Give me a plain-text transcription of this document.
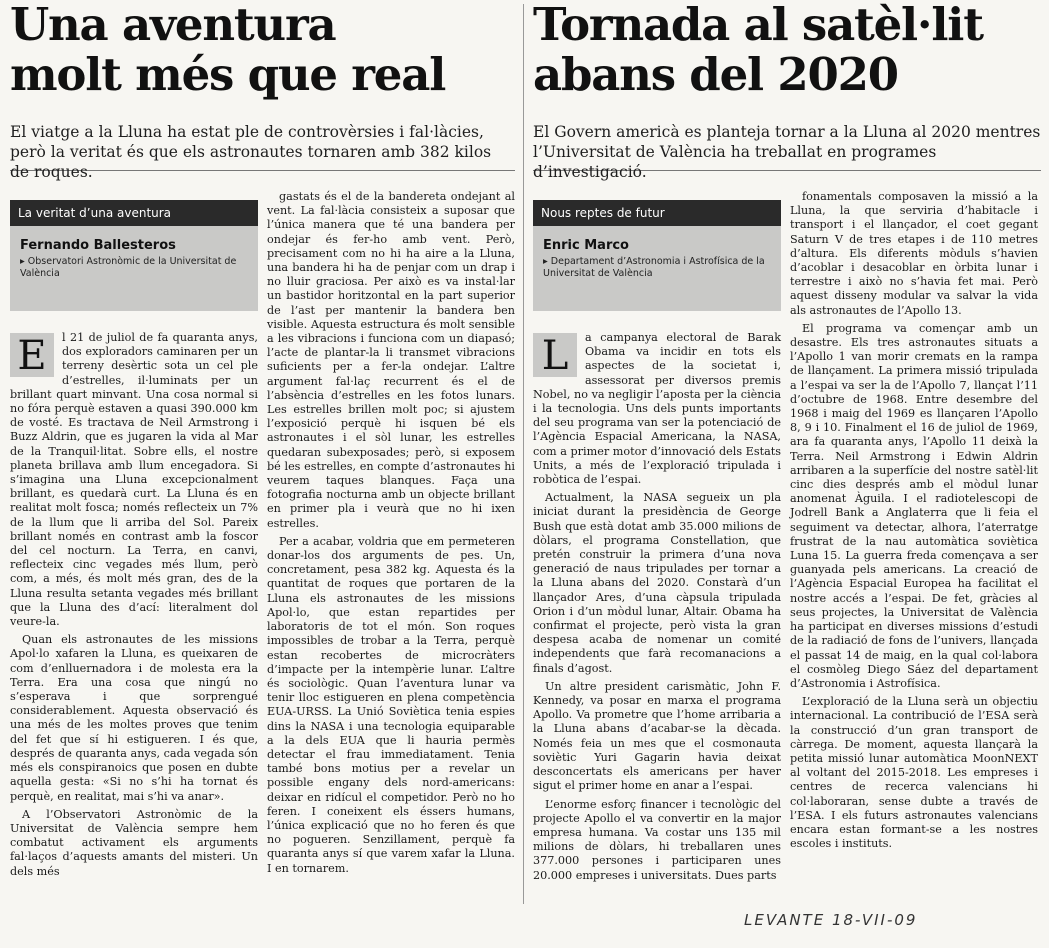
Una aventura
molt més que real
El viatge a la Lluna ha estat ple de controvèrsies i fal·làcies, però la veritat és que els astronautes tornaren amb 382 kilos de roques.
La veritat d’una aventura
Fernando Ballesteros
▸ Observatori Astronòmic de la Universitat de València

E	l 21 de juliol de fa quaranta anys, dos exploradors caminaren per un terreny desèrtic sota un cel ple d’estrelles, il·luminats per un brillant quart minvant. Una cosa normal si no fóra perquè estaven a quasi 390.000 km de vosté. Es tractava de Neil Armstrong i Buzz Aldrin, que es jugaren la vida al Mar de la Tranquil·litat. Sobre ells, el nostre planeta brillava amb llum encegadora. Si s’imagina una Lluna excepcionalment brillant, es quedarà curt. La Lluna és en realitat molt fosca; només reflecteix un 7% de la llum que li arriba del Sol. Pareix brillant només en contrast amb la foscor del cel nocturn. La Terra, en canvi, reflecteix cinc vegades més llum, però com, a més, és molt més gran, des de la Lluna resulta setanta vegades més brillant que la Lluna des d’ací: literalment dol veure-la.

Quan els astronautes de les missions Apol·lo xafaren la Lluna, es queixaren de com d’enlluernadora i de molesta era la Terra. Era una cosa que ningú no s’esperava i que sorprengué considerablement. Aquesta observació és una més de les moltes proves que tenim del fet que sí hi estigueren. I és que, després de quaranta anys, cada vegada són més els conspiranoics que posen en dubte aquella gesta: «Si no s’hi ha tornat és perquè, en realitat, mai s’hi va anar».

A l’Observatori Astronòmic de la Universitat de València sempre hem combatut activament els arguments fal·laços d’aquests amants del misteri. Un dels més

gastats és el de la bandereta ondejant al vent. La fal·làcia consisteix a suposar que l’única manera que té una bandera per ondejar és fer-ho amb vent. Però, precisament com no hi ha aire a la Lluna, una bandera hi ha de penjar com un drap i no lluir graciosa. Per això es va instal·lar un bastidor horitzontal en la part superior de l’ast per mantenir la bandera ben visible. Aquesta estructura és molt sensible a les vibracions i funciona com un diapasó; l’acte de plantar-la li transmet vibracions suficients per a fer-la ondejar. L’altre argument fal·laç recurrent és el de l’absència d’estrelles en les fotos lunars. Les estrelles brillen molt poc; si ajustem l’exposició perquè hi isquen bé els astronautes i el sòl lunar, les estrelles quedaran subexposades; però, si exposem bé les estrelles, en compte d’astronautes hi veurem taques blanques. Faça una fotografia nocturna amb un objecte brillant en primer pla i veurà que no hi ixen estrelles.

Per a acabar, voldria que em permeteren donar-los dos arguments de pes. Un, concretament, pesa 382 kg. Aquesta és la quantitat de roques que portaren de la Lluna els astronautes de les missions Apol·lo, que estan repartides per laboratoris de tot el món. Son roques impossibles de trobar a la Terra, perquè estan recobertes de microcràters d’impacte per la intempèrie lunar. L’altre és sociològic. Quan l’aventura lunar va tenir lloc estigueren en plena competència EUA-URSS. La Unió Soviètica tenia espies dins la NASA i una tecnologia equiparable a la dels EUA que li hauria permès detectar el frau immediatament. Tenia també bons motius per a revelar un possible engany dels nord-americans: deixar en ridícul el competidor. Però no ho feren. I coneixent els éssers humans, l’única explicació que no ho feren és que no pogueren. Senzillament, perquè fa quaranta anys sí que varem xafar la Lluna. I en tornarem.

Tornada al satèl·lit
abans del 2020
El Govern americà es planteja tornar a la Lluna al 2020 mentres l’Universitat de València ha treballat en programes d’investigació.
Nous reptes de futur
Enric Marco
▸ Departament d’Astronomia i Astrofísica de la Universitat de València

L	a campanya electoral de Barak Obama va incidir en tots els aspectes de la societat i, assessorat per diversos premis Nobel, no va negligir l’aposta per la ciència i la tecnologia. Uns dels punts importants del seu programa van ser la potenciació de l’Agència Espacial Americana, la NASA, com a primer motor d’innovació dels Estats Units, a més de l’exploració tripulada i robòtica de l’espai.

Actualment, la NASA segueix un pla iniciat durant la presidència de George Bush que està dotat amb 35.000 milions de dòlars, el programa Constellation, que pretén construir la primera d’una nova generació de naus tripulades per tornar a la Lluna abans del 2020. Constarà d’un llançador Ares, d’una càpsula tripulada Orion i d’un mòdul lunar, Altair. Obama ha confirmat el projecte, però vista la gran despesa acaba de nomenar un comité independents que farà recomanacions a finals d’agost.

Un altre president carismàtic, John F. Kennedy, va posar en marxa el programa Apollo. Va prometre que l’home arribaria a la Lluna abans d’acabar-se la dècada. Només feia un mes que el cosmonauta soviètic Yuri Gagarin havia deixat desconcertats els americans per haver sigut el primer home en anar a l’espai.

L’enorme esforç financer i tecnològic del projecte Apollo el va convertir en la major empresa humana. Va costar uns 135 mil milions de dòlars, hi treballaren unes 377.000 persones i participaren unes 20.000 empreses i universitats. Dues parts

fonamentals composaven la missió a la Lluna, la que serviria d’habitacle i transport i el llançador, el coet gegant Saturn V de tres etapes i de 110 metres d’altura. Els diferents mòduls s’havien d’acoblar i desacoblar en òrbita lunar i terrestre i això no s’havia fet mai. Però aquest disseny modular va salvar la vida als astronautes de l’Apollo 13.

El programa va començar amb un desastre. Els tres astronautes situats a l’Apollo 1 van morir cremats en la rampa de llançament. La primera missió tripulada a l’espai va ser la de l’Apollo 7, llançat l’11 d’octubre de 1968. Entre desembre del 1968 i maig del 1969 es llançaren l’Apollo 8, 9 i 10. Finalment el 16 de juliol de 1969, ara fa quaranta anys, l’Apollo 11 deixà la Terra. Neil Armstrong i Edwin Aldrin arribaren a la superfície del nostre satèl·lit cinc dies després amb el mòdul lunar anomenat Àguila. I el radiotelescopi de Jodrell Bank a Anglaterra que li feia el seguiment va detectar, alhora, l’aterratge frustrat de la nau automàtica soviètica Luna 15. La guerra freda començava a ser guanyada pels americans. La creació de l’Agència Espacial Europea ha facilitat el nostre accés a l’espai. De fet, gràcies al seus projectes, la Universitat de València ha participat en diverses missions d’estudi de la radiació de fons de l’univers, llançada el passat 14 de maig, en la qual col·labora el cosmòleg Diego Sáez del departament d’Astronomia i Astrofísica.

L’exploració de la Lluna serà un objectiu internacional. La contribució de l’ESA serà la construcció d’un gran transport de càrrega. De moment, aquesta llançarà la petita missió lunar automàtica MoonNEXT al voltant del 2015-2018. Les empreses i centres de recerca valencians hi col·laboraran, sense dubte a través de l’ESA. I els futurs astronautes valencians encara estan formant-se a les nostres escoles i instituts.

LEVANTE 18-VII-09
